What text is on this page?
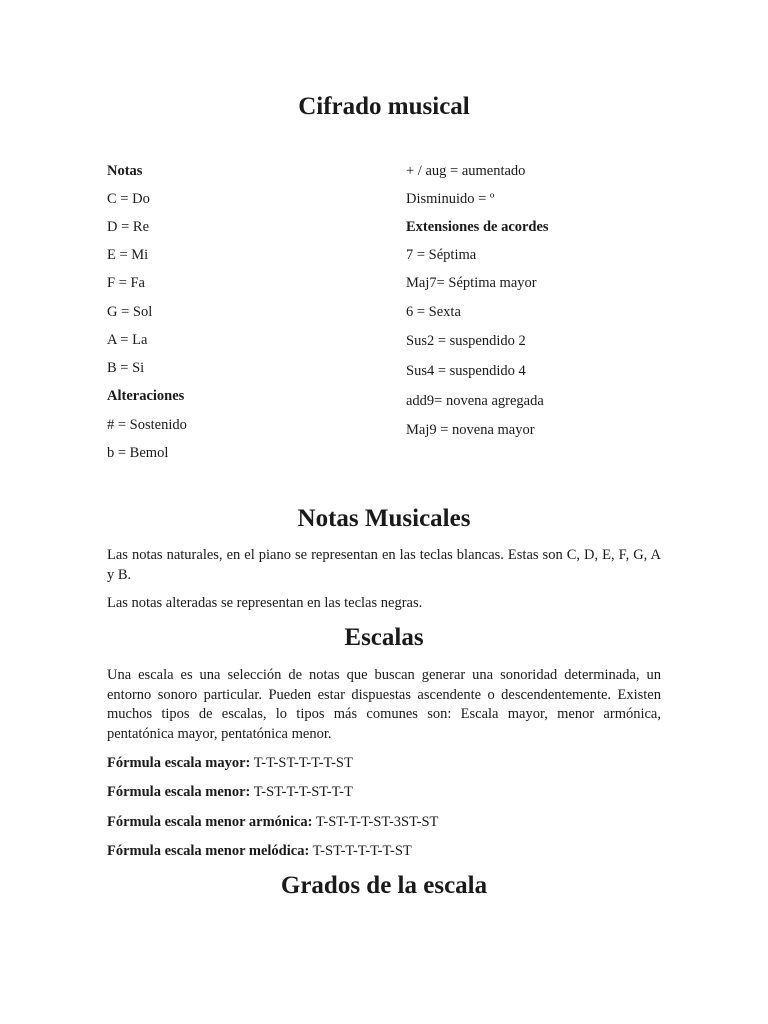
Cifrado musical
Notas
C = Do
D = Re
E = Mi
F = Fa
G = Sol
A = La
B = Si
Alteraciones
# = Sostenido
b = Bemol
+ / aug = aumentado
Disminuido = º
Extensiones de acordes
7 = Séptima
Maj7= Séptima mayor
6 = Sexta
Sus2 = suspendido 2
Sus4 = suspendido 4
add9= novena agregada
Maj9 = novena mayor
Notas Musicales
Las notas naturales, en el piano se representan en las teclas blancas. Estas son C, D, E, F, G, A y B.
Las notas alteradas se representan en las teclas negras.
Escalas
Una escala es una selección de notas que buscan generar una sonoridad determinada, un entorno sonoro particular. Pueden estar dispuestas ascendente o descendentemente. Existen muchos tipos de escalas, lo tipos más comunes son: Escala mayor, menor armónica, pentatónica mayor, pentatónica menor.
Fórmula escala mayor: T-T-ST-T-T-T-ST
Fórmula escala menor: T-ST-T-T-ST-T-T
Fórmula escala menor armónica: T-ST-T-T-ST-3ST-ST
Fórmula escala menor melódica: T-ST-T-T-T-T-ST
Grados de la escala
